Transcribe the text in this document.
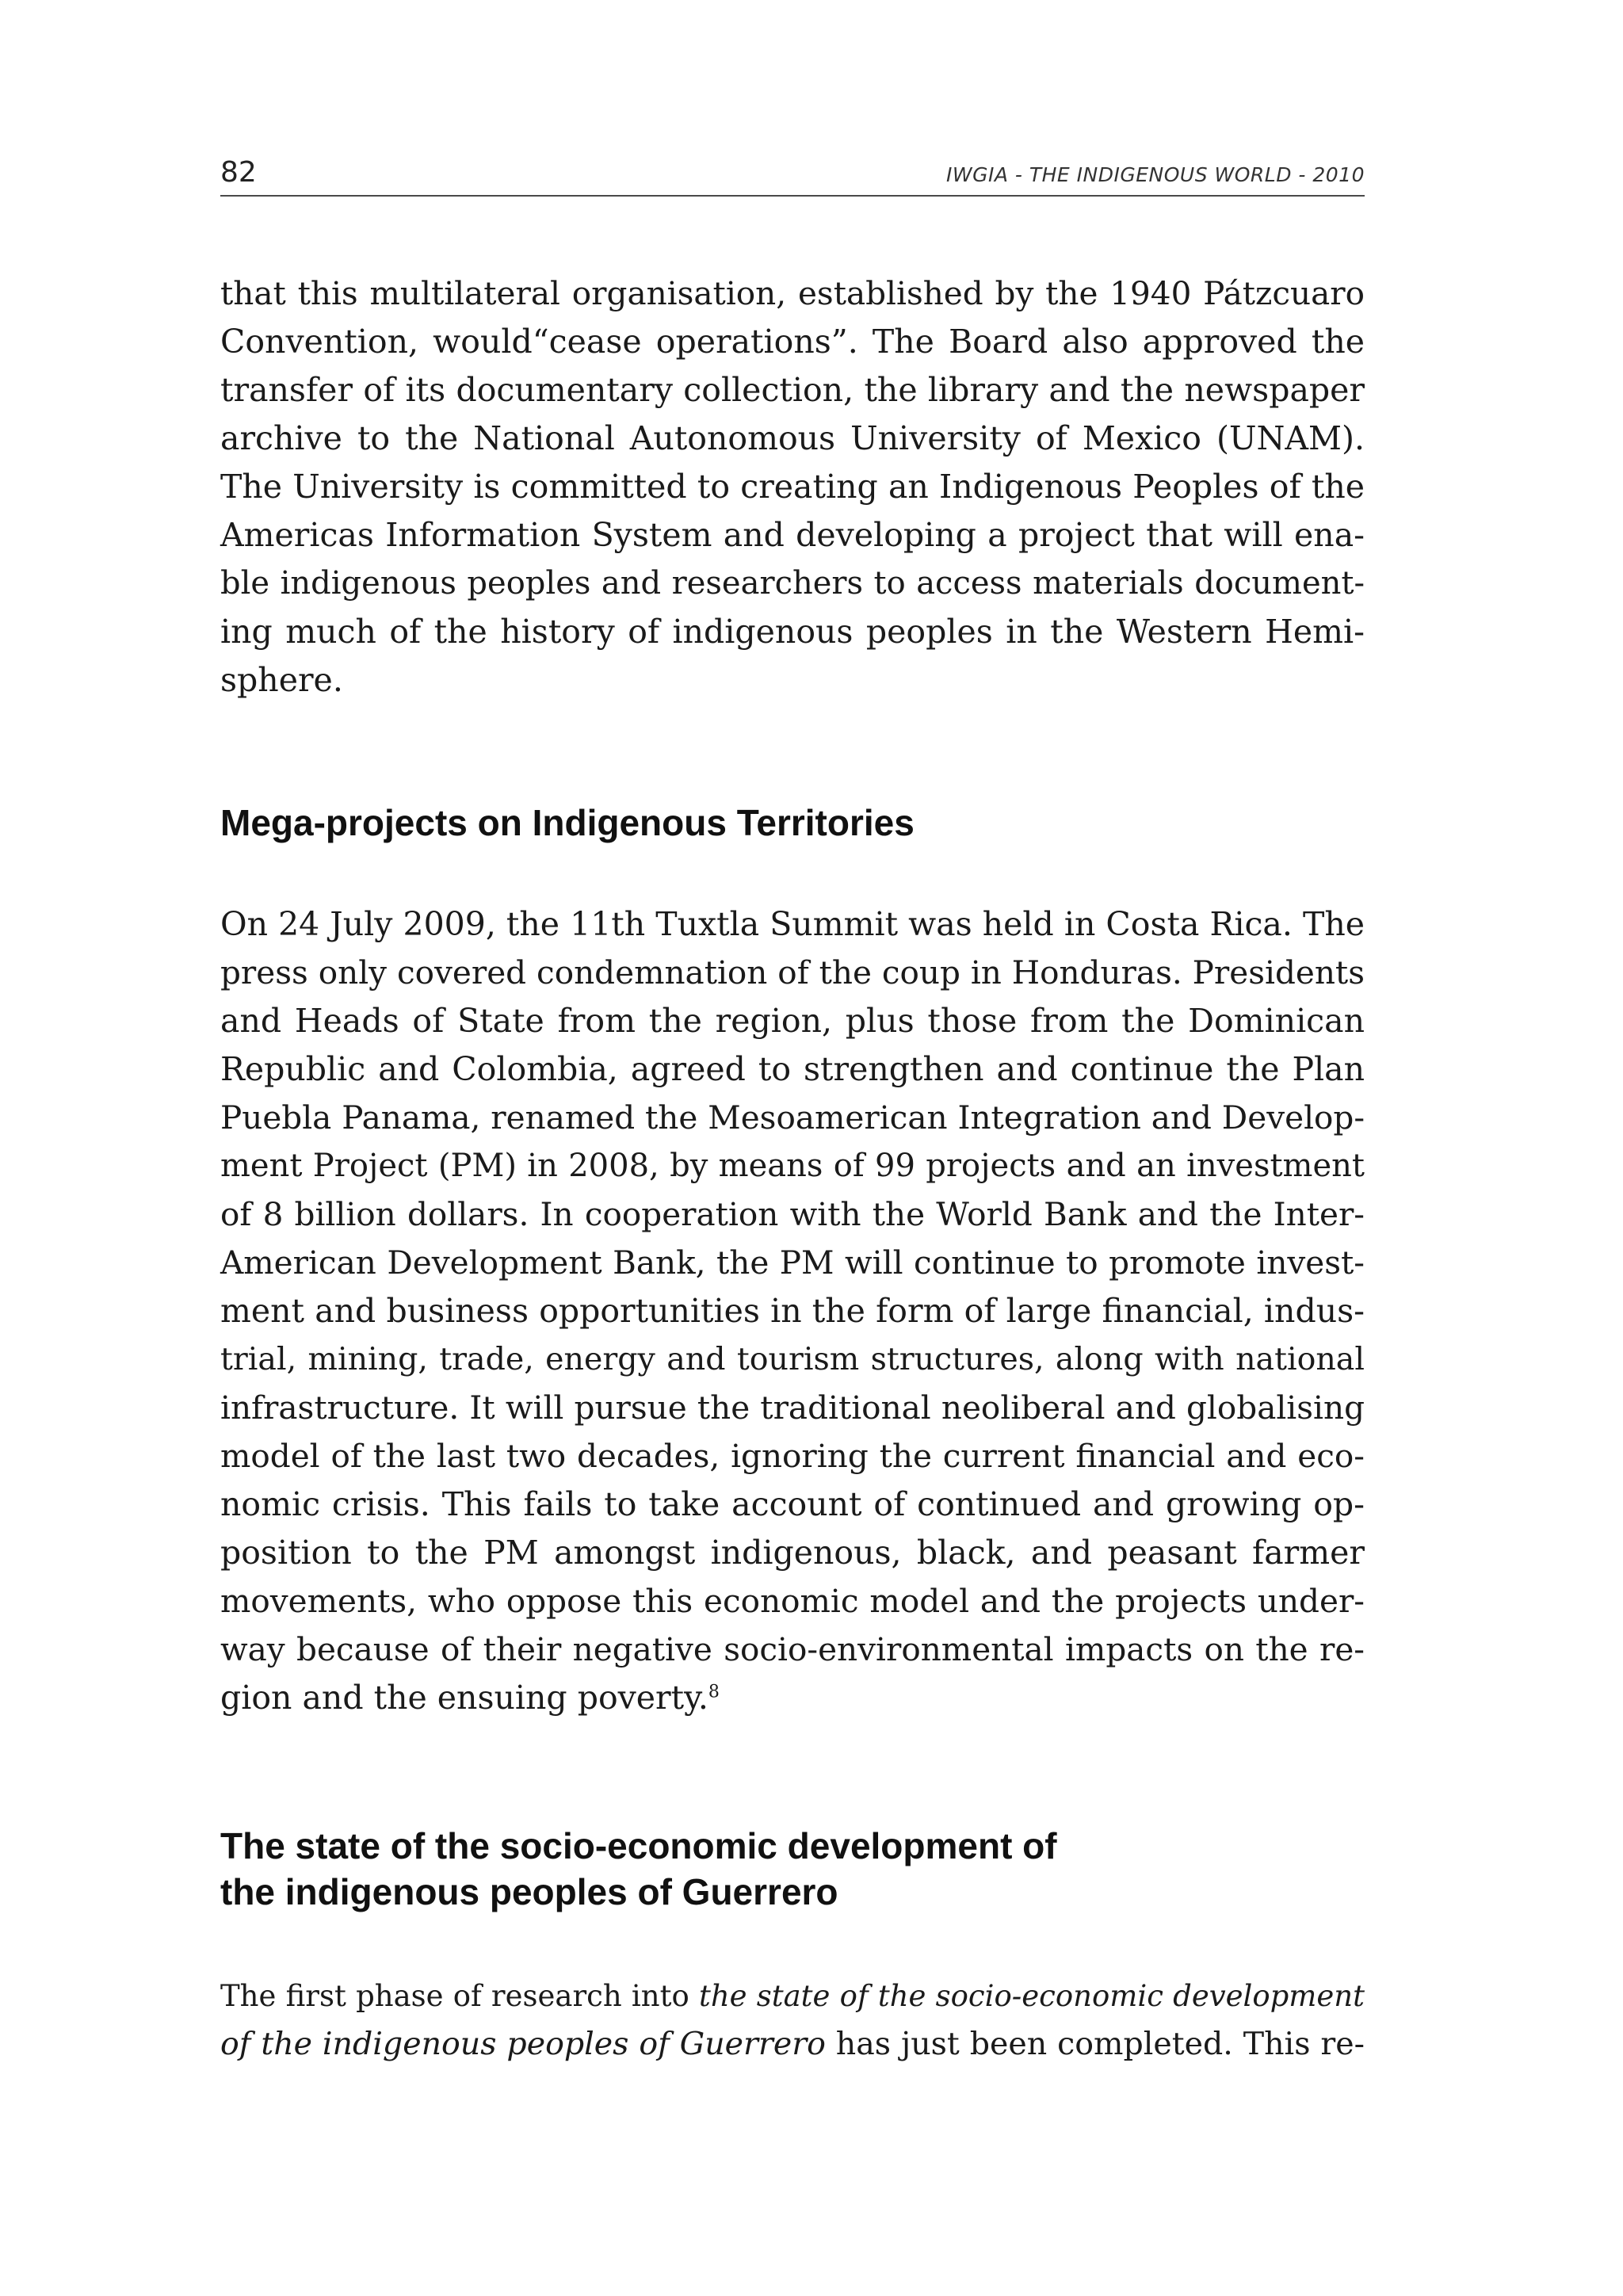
82	IWGIA - THE INDIGENOUS WORLD - 2010

that this multilateral organisation, established by the 1940 Pátzcuaro
Convention, would“cease operations”. The Board also approved the
transfer of its documentary collection, the library and the newspaper
archive to the National Autonomous University of Mexico (UNAM).
The University is committed to creating an Indigenous Peoples of the
Americas Information System and developing a project that will ena-
ble indigenous peoples and researchers to access materials document-
ing much of the history of indigenous peoples in the Western Hemi-
sphere.

Mega-projects on Indigenous Territories

On 24 July 2009, the 11th Tuxtla Summit was held in Costa Rica. The
press only covered condemnation of the coup in Honduras. Presidents
and Heads of State from the region, plus those from the Dominican
Republic and Colombia, agreed to strengthen and continue the Plan
Puebla Panama, renamed the Mesoamerican Integration and Develop-
ment Project (PM) in 2008, by means of 99 projects and an investment
of 8 billion dollars. In cooperation with the World Bank and the Inter-
American Development Bank, the PM will continue to promote invest-
ment and business opportunities in the form of large financial, indus-
trial, mining, trade, energy and tourism structures, along with national
infrastructure. It will pursue the traditional neoliberal and globalising
model of the last two decades, ignoring the current financial and eco-
nomic crisis. This fails to take account of continued and growing op-
position to the PM amongst indigenous, black, and peasant farmer
movements, who oppose this economic model and the projects under-
way because of their negative socio-environmental impacts on the re-
gion and the ensuing poverty.$^8$

The state of the socio-economic development of
the indigenous peoples of Guerrero

The first phase of research into the state of the socio-economic development
of the indigenous peoples of Guerrero has just been completed. This re-
